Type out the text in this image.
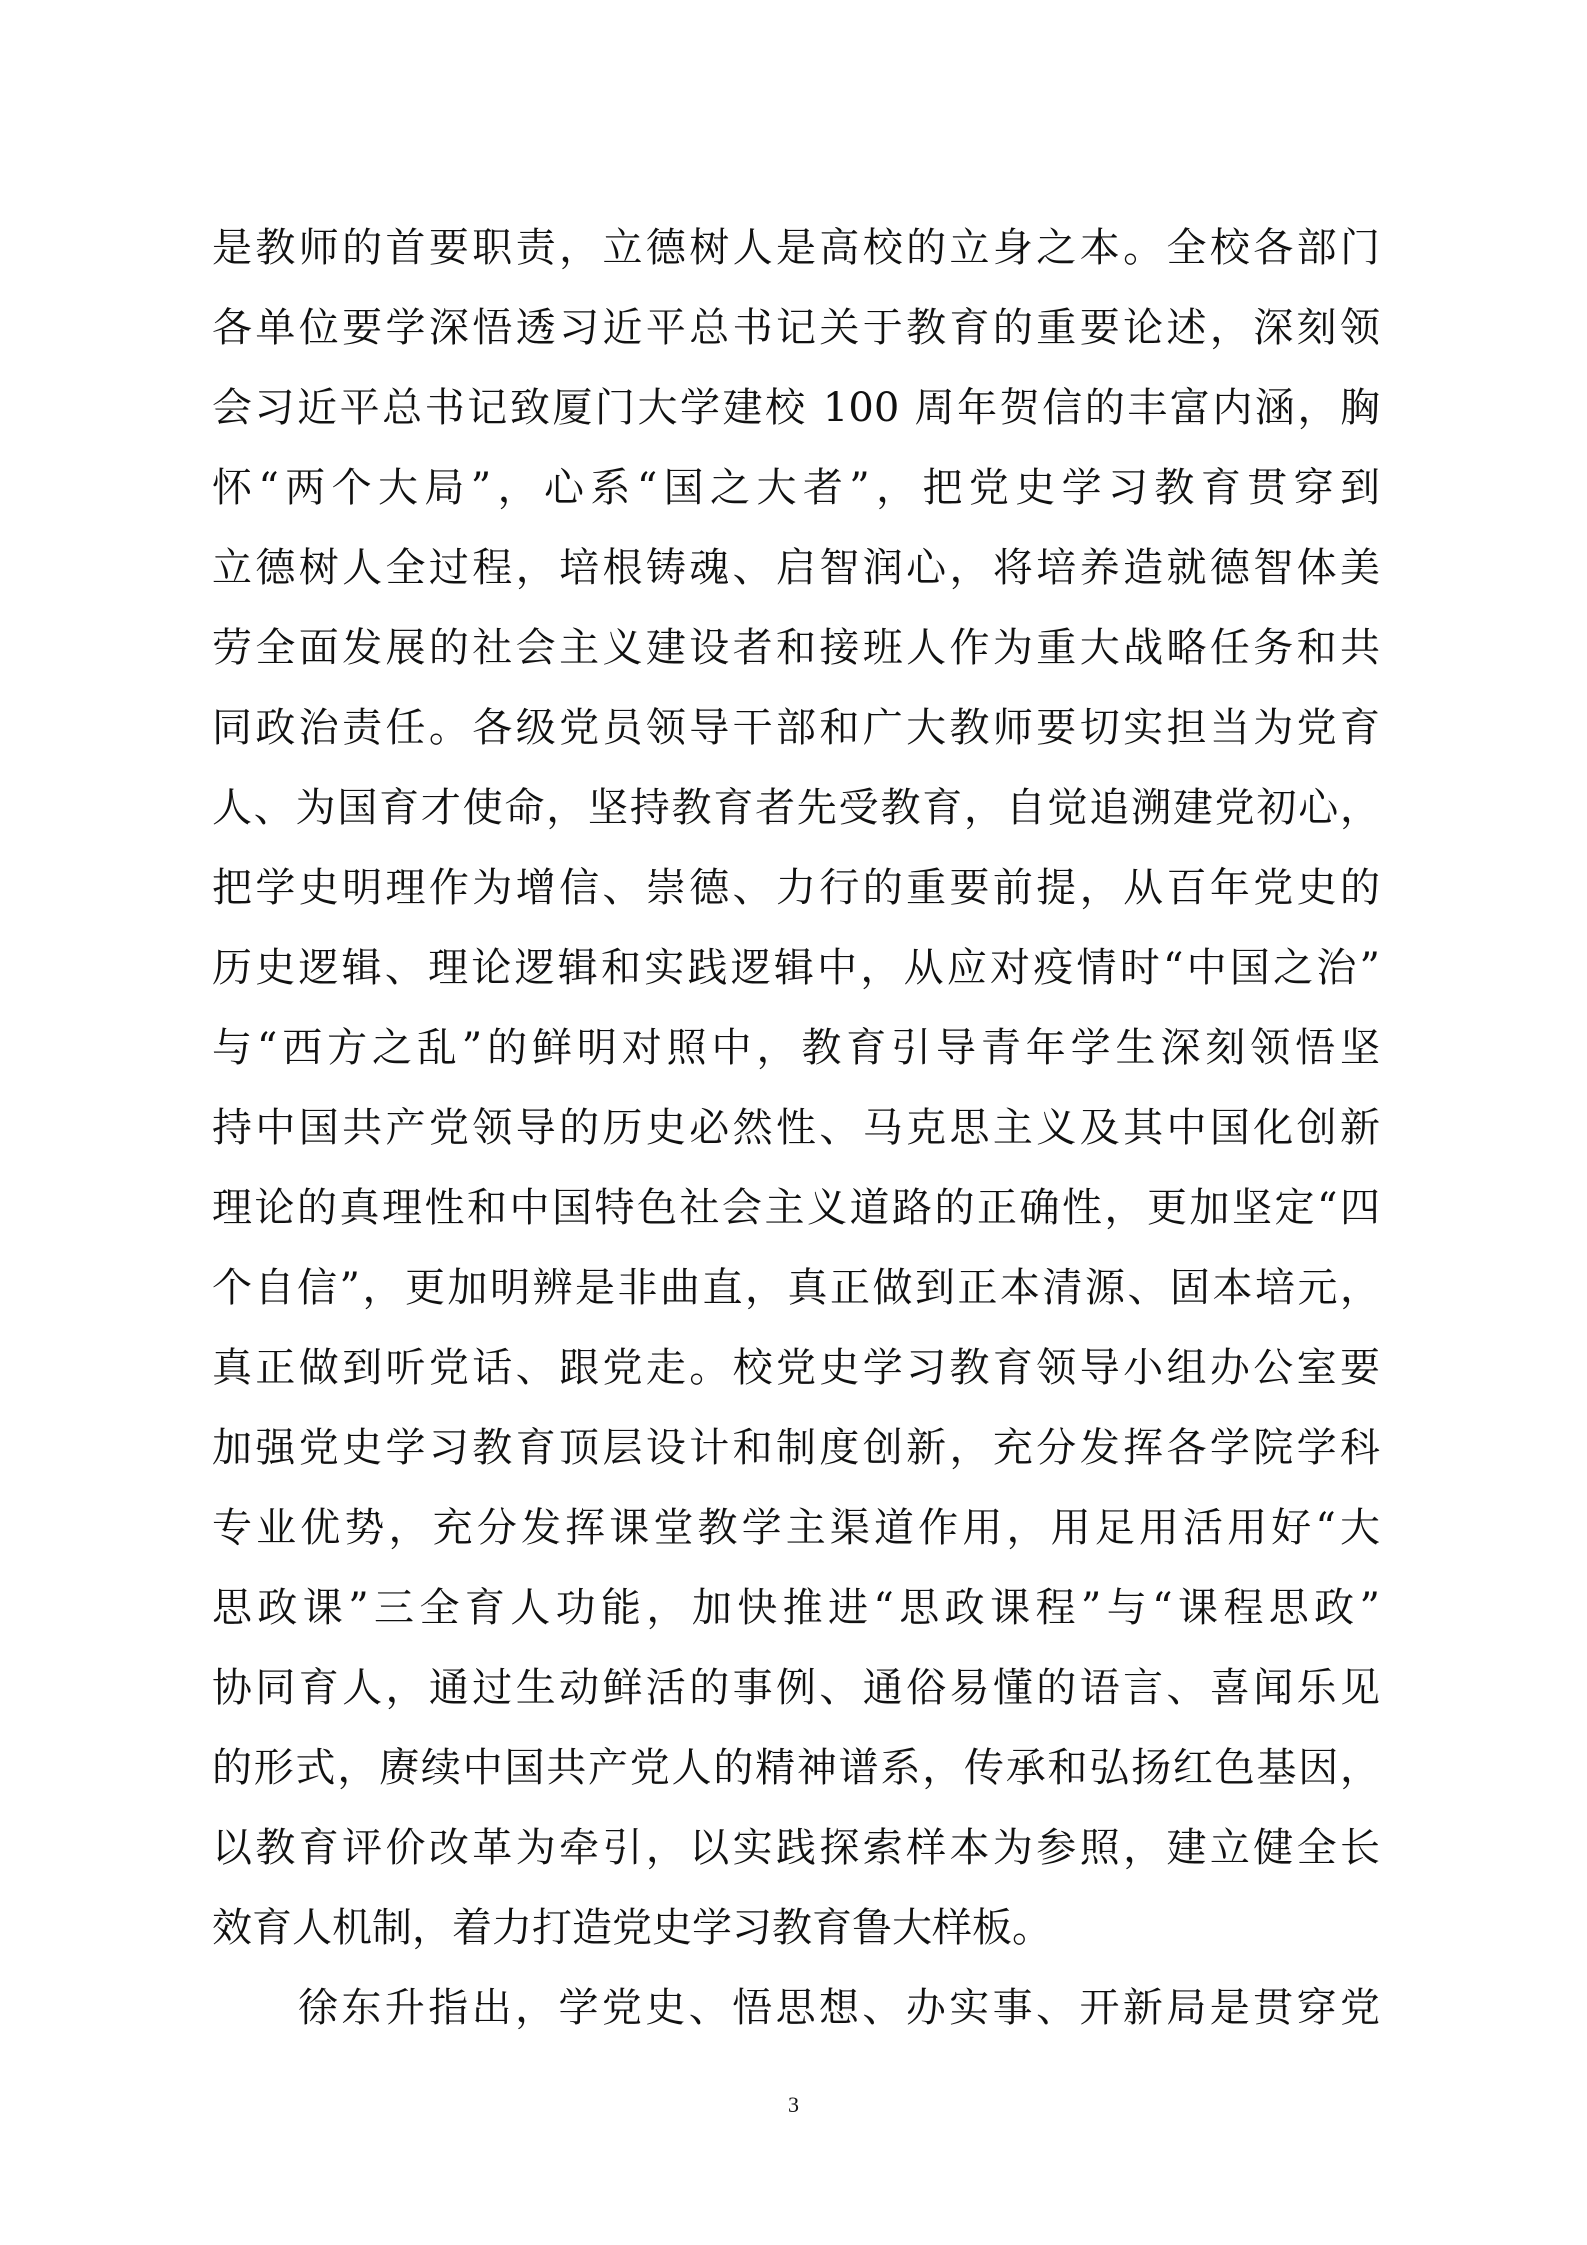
是教师的首要职责，立德树人是高校的立身之本。全校各部门
各单位要学深悟透习近平总书记关于教育的重要论述，深刻领
会习近平总书记致厦门大学建校 100 周年贺信的丰富内涵，胸
怀“两个大局”，心系“国之大者”，把党史学习教育贯穿到
立德树人全过程，培根铸魂、启智润心，将培养造就德智体美
劳全面发展的社会主义建设者和接班人作为重大战略任务和共
同政治责任。各级党员领导干部和广大教师要切实担当为党育
人、为国育才使命，坚持教育者先受教育，自觉追溯建党初心，
把学史明理作为增信、崇德、力行的重要前提，从百年党史的
历史逻辑、理论逻辑和实践逻辑中，从应对疫情时“中国之治”
与“西方之乱”的鲜明对照中，教育引导青年学生深刻领悟坚
持中国共产党领导的历史必然性、马克思主义及其中国化创新
理论的真理性和中国特色社会主义道路的正确性，更加坚定“四
个自信”，更加明辨是非曲直，真正做到正本清源、固本培元，
真正做到听党话、跟党走。校党史学习教育领导小组办公室要
加强党史学习教育顶层设计和制度创新，充分发挥各学院学科
专业优势，充分发挥课堂教学主渠道作用，用足用活用好“大
思政课”三全育人功能，加快推进“思政课程”与“课程思政”
协同育人，通过生动鲜活的事例、通俗易懂的语言、喜闻乐见
的形式，赓续中国共产党人的精神谱系，传承和弘扬红色基因，
以教育评价改革为牵引，以实践探索样本为参照，建立健全长
效育人机制，着力打造党史学习教育鲁大样板。
徐东升指出，学党史、悟思想、办实事、开新局是贯穿党
3
